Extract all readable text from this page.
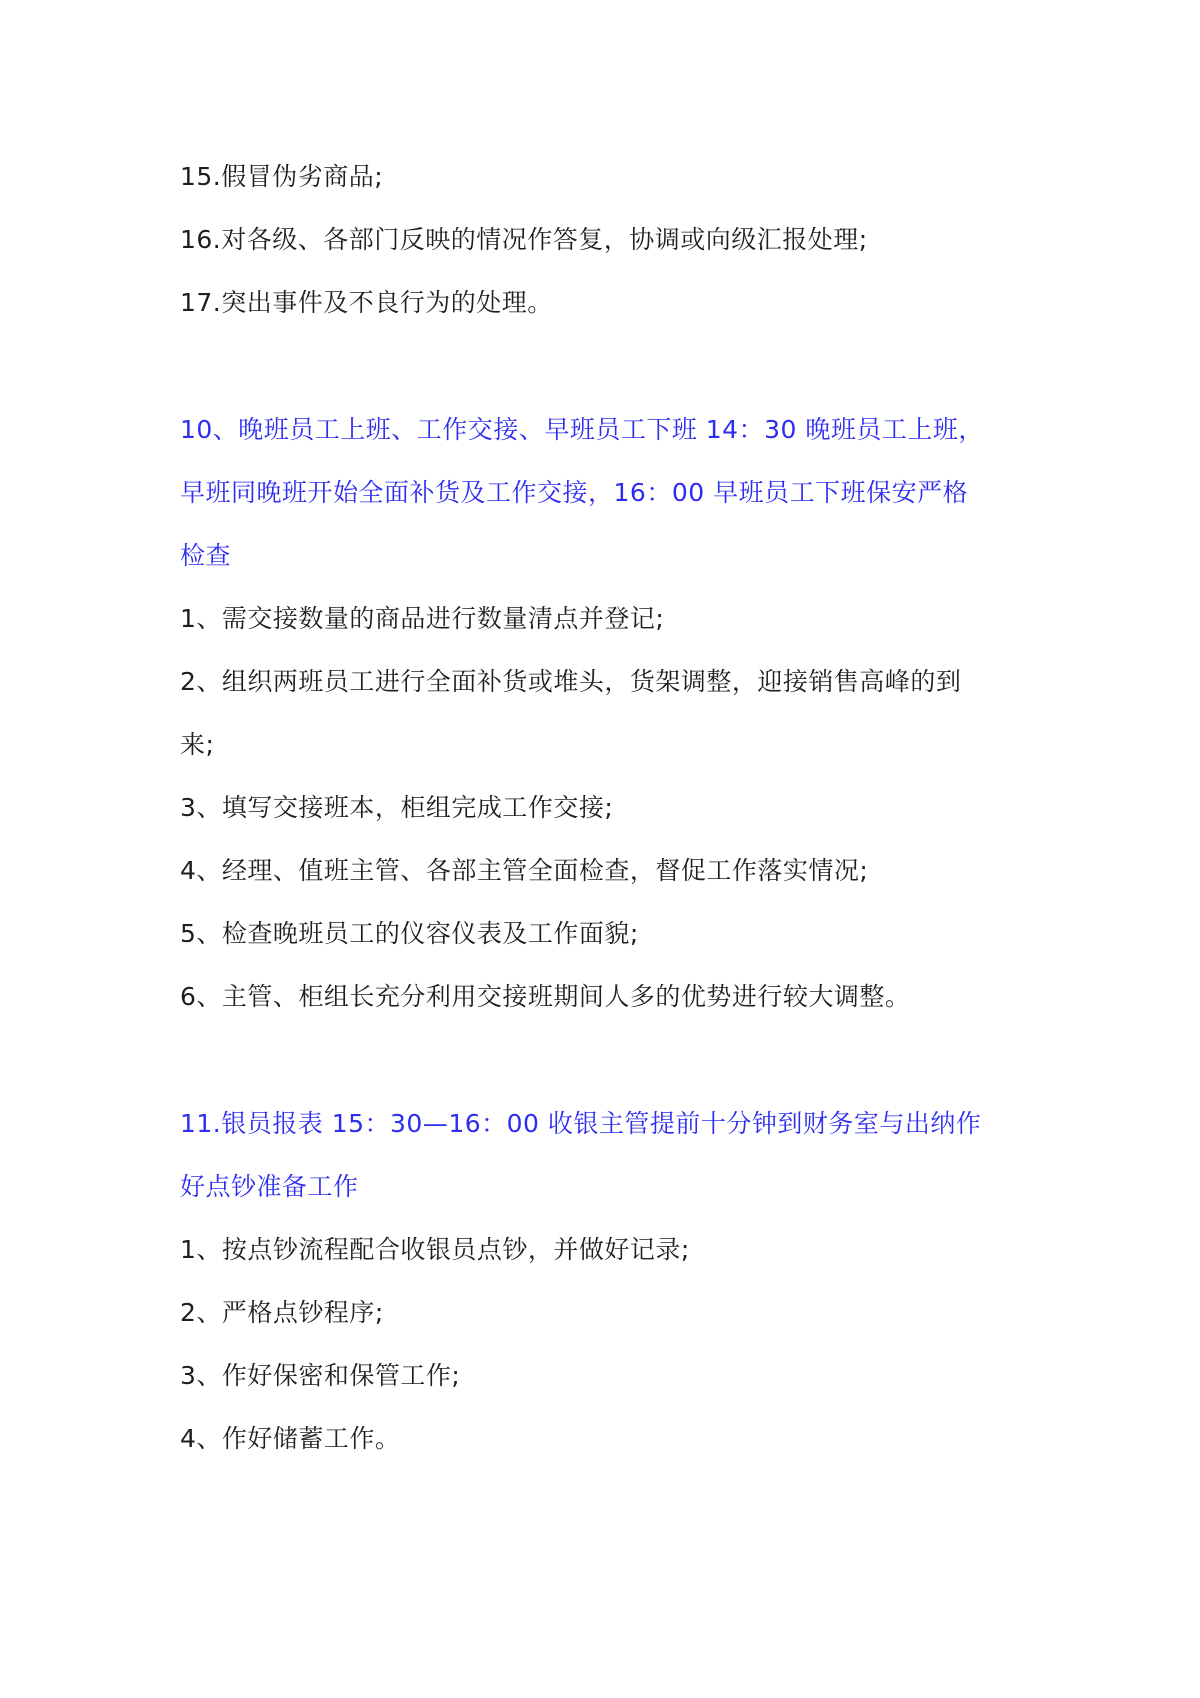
15.假冒伪劣商品;
16.对各级、各部门反映的情况作答复，协调或向级汇报处理;
17.突出事件及不良行为的处理。
10、晚班员工上班、工作交接、早班员工下班 14：30 晚班员工上班，
早班同晚班开始全面补货及工作交接，16：00 早班员工下班保安严格
检查
1、需交接数量的商品进行数量清点并登记;
2、组织两班员工进行全面补货或堆头，货架调整，迎接销售高峰的到
来;
3、填写交接班本，柜组完成工作交接;
4、经理、值班主管、各部主管全面检查，督促工作落实情况;
5、检查晚班员工的仪容仪表及工作面貌;
6、主管、柜组长充分利用交接班期间人多的优势进行较大调整。
11.银员报表 15：30—16：00 收银主管提前十分钟到财务室与出纳作
好点钞准备工作
1、按点钞流程配合收银员点钞，并做好记录;
2、严格点钞程序;
3、作好保密和保管工作;
4、作好储蓄工作。
